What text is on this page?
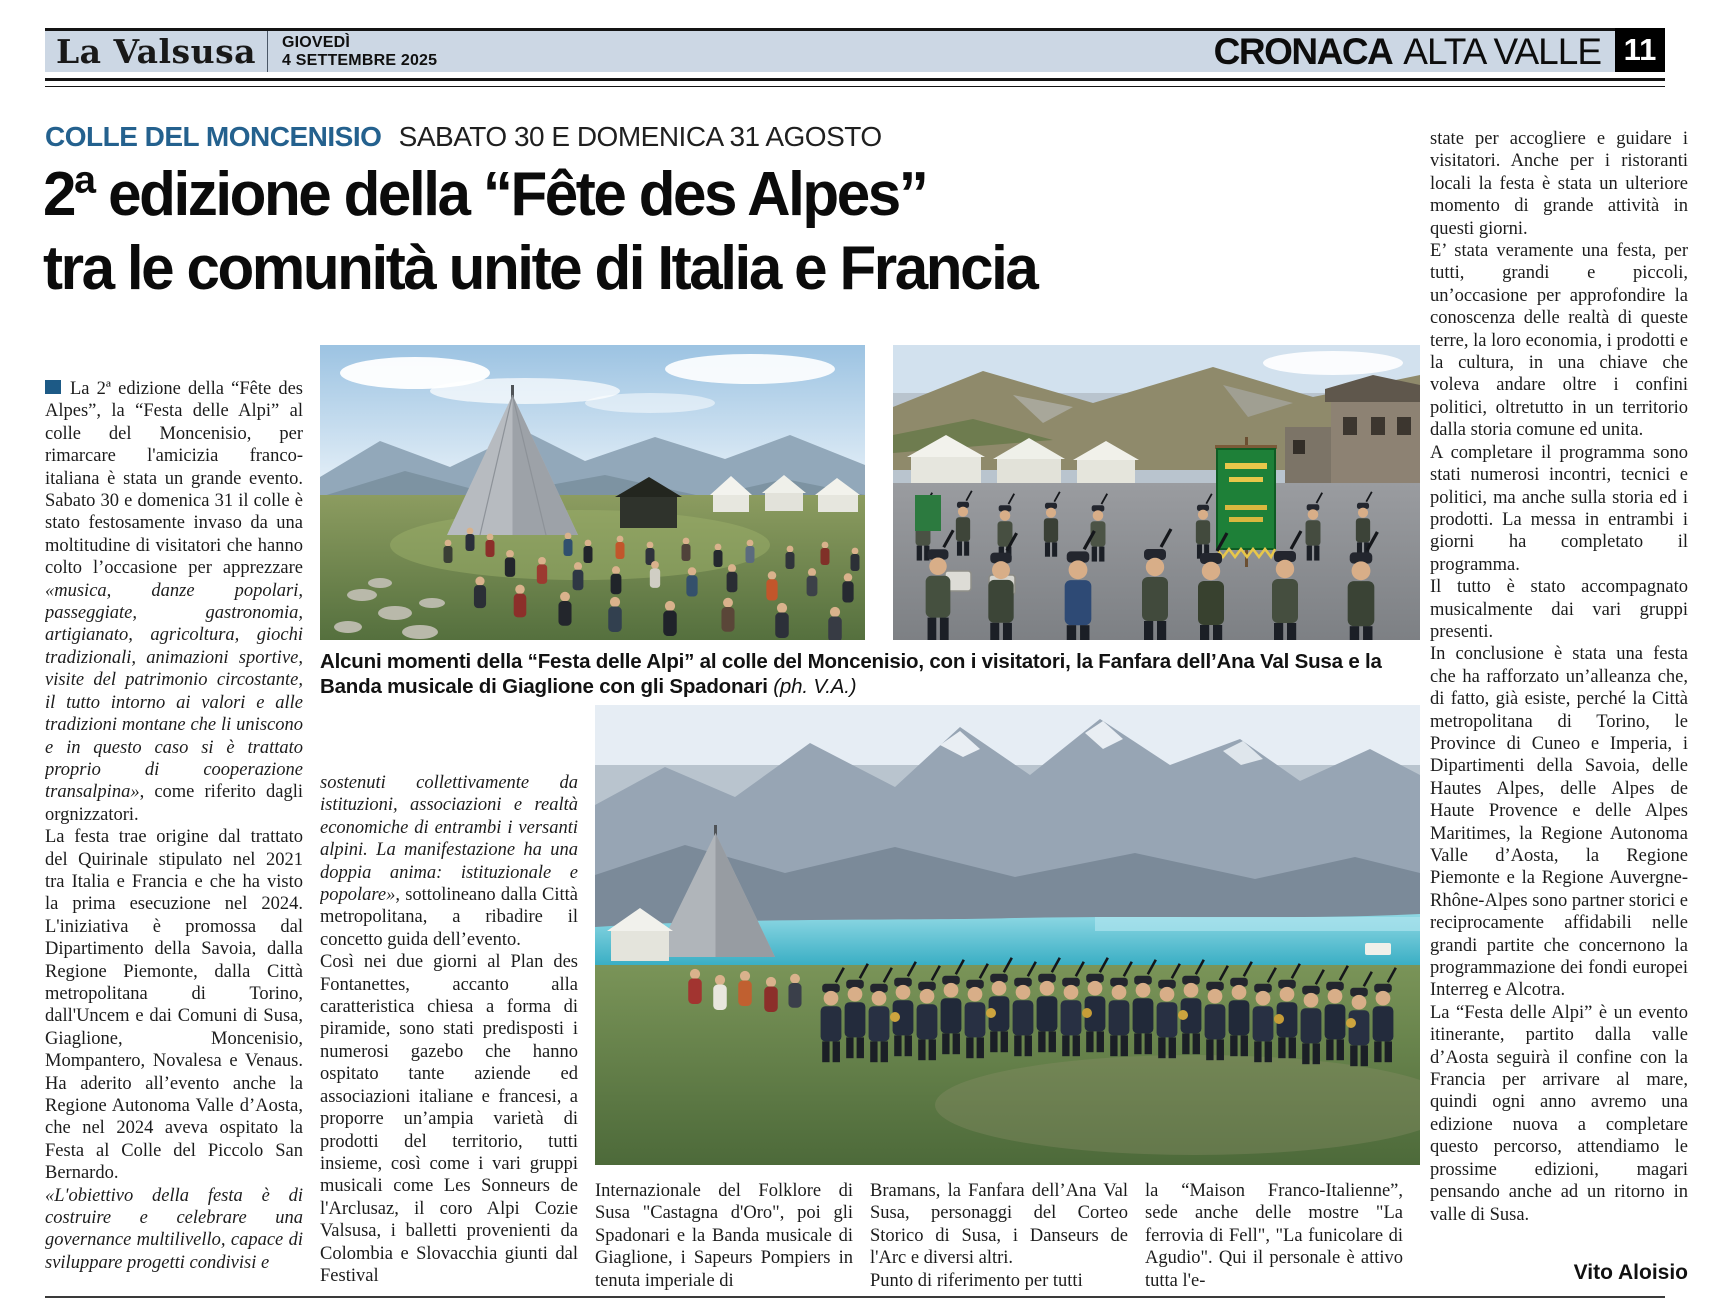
La Valsusa	GIOVEDÌ
4 SETTEMBRE 2025	CRONACA ALTA VALLE 11
COLLE DEL MONCENISIO SABATO 30 E DOMENICA 31 AGOSTO
2ª edizione della “Fête des Alpes”
tra le comunità unite di Italia e Francia
Alcuni momenti della “Festa delle Alpi” al colle del Moncenisio, con i visitatori, la Fanfara dell’Ana Val Susa e la Banda musicale di Giaglione con gli Spadonari (ph. V.A.)

La 2ª edizione della “Fête des Alpes”, la “Festa delle Alpi” al colle del Moncenisio, per rimarcare l'amicizia franco-italiana è stata un grande evento. Sabato 30 e domenica 31 il colle è stato festosamente invaso da una moltitudine di visitatori che hanno colto l’occasione per apprezzare «musica, danze popolari, passeggiate, gastronomia, artigianato, agricoltura, giochi tradizionali, animazioni sportive, visite del patrimonio circostante, il tutto intorno ai valori e alle tradizioni montane che li uniscono e in questo caso si è trattato proprio di cooperazione transalpina», come riferito dagli orgnizzatori.

La festa trae origine dal trattato del Quirinale stipulato nel 2021 tra Italia e Francia e che ha visto la prima esecuzione nel 2024. L'iniziativa è promossa dal Dipartimento della Savoia, dalla Regione Piemonte, dalla Città metropolitana di Torino, dall'Uncem e dai Comuni di Susa, Giaglione, Moncenisio, Mompantero, Novalesa e Venaus. Ha aderito all’evento anche la Regione Autonoma Valle d’Aosta, che nel 2024 aveva ospitato la Festa al Colle del Piccolo San Bernardo.

«L'obiettivo della festa è di costruire e celebrare una governance multilivello, capace di sviluppare progetti condivisi e

sostenuti collettivamente da istituzioni, associazioni e realtà economiche di entrambi i versanti alpini. La manifestazione ha una doppia anima: istituzionale e popolare», sottolineano dalla Città metropolitana, a ribadire il concetto guida dell’evento.

Così nei due giorni al Plan des Fontanettes, accanto alla caratteristica chiesa a forma di piramide, sono stati predisposti i numerosi gazebo che hanno ospitato tante aziende ed associazioni italiane e francesi, a proporre un’ampia varietà di prodotti del territorio, tutti insieme, così come i vari gruppi musicali come Les Sonneurs de l'Arclusaz, il coro Alpi Cozie Valsusa, i balletti provenienti da Colombia e Slovacchia giunti dal Festival

Internazionale del Folklore di Susa "Castagna d'Oro", poi gli Spadonari e la Banda musicale di Giaglione, i Sapeurs Pompiers in tenuta imperiale di

Bramans, la Fanfara dell’Ana Val Susa, personaggi del Corteo Storico di Susa, i Danseurs de l'Arc e diversi altri.

Punto di riferimento per tutti

la “Maison Franco-Italienne”, sede anche delle mostre "La ferrovia di Fell", "La funicolare di Agudio". Qui il personale è attivo tutta l'e-

state per accogliere e guidare i visitatori. Anche per i ristoranti locali la festa è stata un ulteriore momento di grande attività in questi giorni.

E’ stata veramente una festa, per tutti, grandi e piccoli, un’occasione per approfondire la conoscenza delle realtà di queste terre, la loro economia, i prodotti e la cultura, in una chiave che voleva andare oltre i confini politici, oltretutto in un territorio dalla storia comune ed unita.

A completare il programma sono stati numerosi incontri, tecnici e politici, ma anche sulla storia ed i prodotti. La messa in entrambi i giorni ha completato il programma.

Il tutto è stato accompagnato musicalmente dai vari gruppi presenti.

In conclusione è stata una festa che ha rafforzato un’alleanza che, di fatto, già esiste, perché la Città metropolitana di Torino, le Province di Cuneo e Imperia, i Dipartimenti della Savoia, delle Hautes Alpes, delle Alpes de Haute Provence e delle Alpes Maritimes, la Regione Autonoma Valle d’Aosta, la Regione Piemonte e la Regione Auvergne-Rhône-Alpes sono partner storici e reciprocamente affidabili nelle grandi partite che concernono la programmazione dei fondi europei Interreg e Alcotra.

La “Festa delle Alpi” è un evento itinerante, partito dalla valle d’Aosta seguirà il confine con la Francia per arrivare al mare, quindi ogni anno avremo una edizione nuova a completare questo percorso, attendiamo le prossime edizioni, magari pensando anche ad un ritorno in valle di Susa.

Vito Aloisio
